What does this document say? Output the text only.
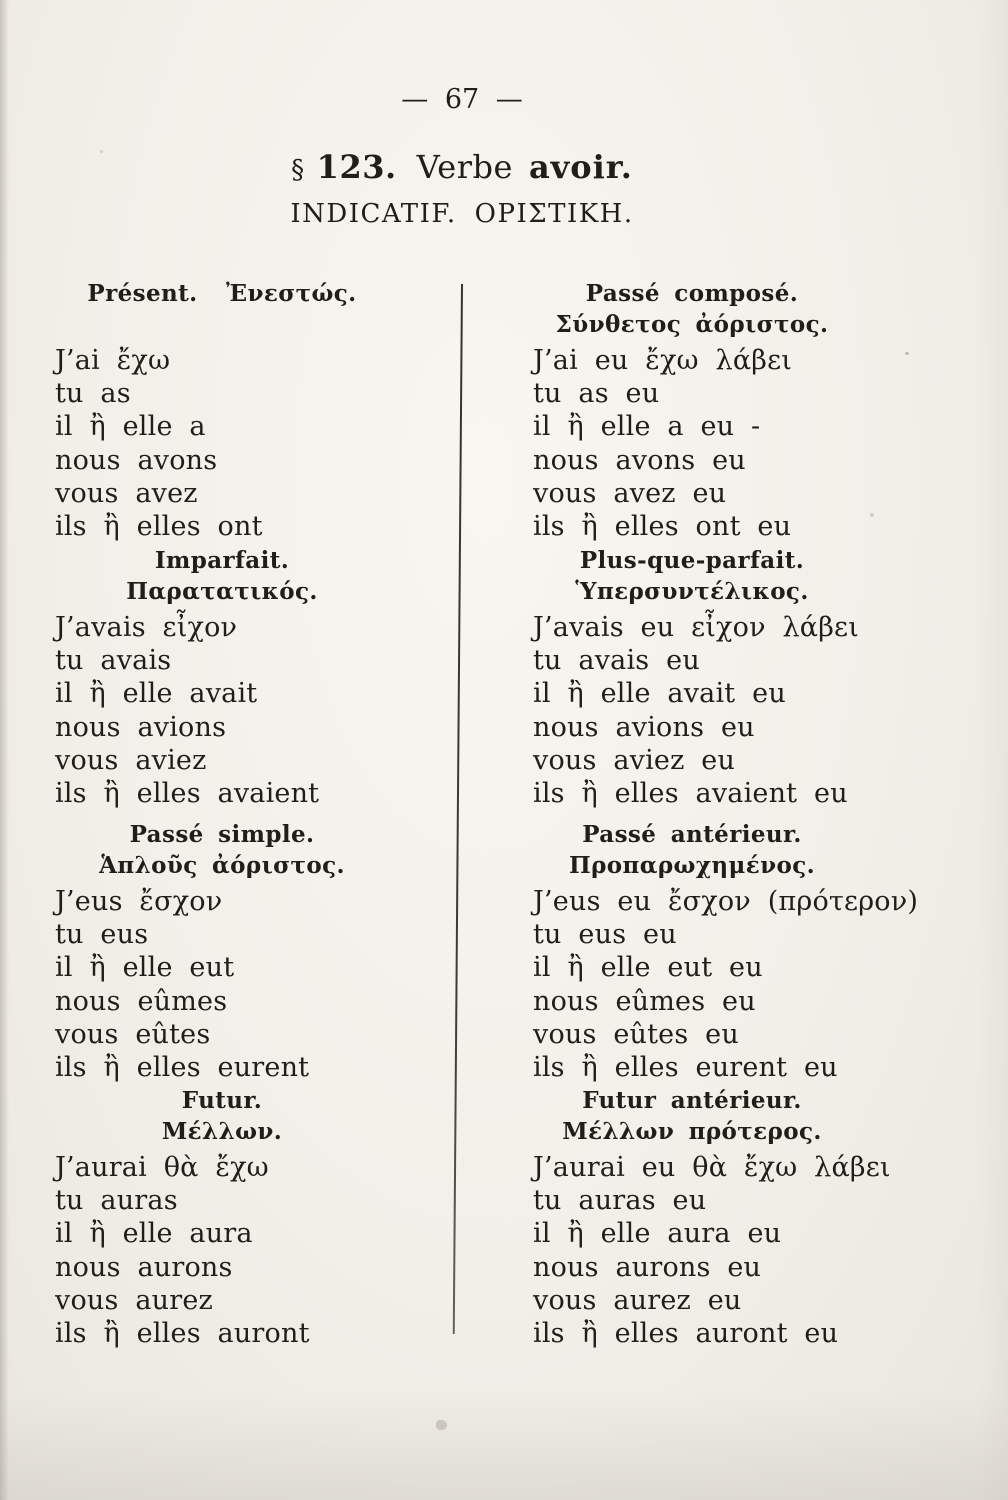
— 67 —
§ 123. Verbe avoir.
INDICATIF. ΟΡΙΣΤΙΚΗ.
Présent. Ἐνεστώς.
J’ai ἔχω
tu as
il ἢ elle a
nous avons
vous avez
ils ἢ elles ont
Imparfait.
Παρατατικός.
J’avais εἶχον
tu avais
il ἢ elle avait
nous avions
vous aviez
ils ἢ elles avaient
Passé simple.
Ἁπλοῦς ἀόριστος.
J’eus ἔσχον
tu eus
il ἢ elle eut
nous eûmes
vous eûtes
ils ἢ elles eurent
Futur.
Μέλλων.
J’aurai θὰ ἔχω
tu auras
il ἢ elle aura
nous aurons
vous aurez
ils ἢ elles auront
Passé composé.
Σύνθετος ἀόριστος.
J’ai eu ἔχω λάβει
tu as eu
il ἢ elle a eu -
nous avons eu
vous avez eu
ils ἢ elles ont eu
Plus-que-parfait.
Ὑπερσυντέλικος.
J’avais eu εἶχον λάβει
tu avais eu
il ἢ elle avait eu
nous avions eu
vous aviez eu
ils ἢ elles avaient eu
Passé antérieur.
Προπαρωχημένος.
J’eus eu ἔσχον (πρότερον)
tu eus eu
il ἢ elle eut eu
nous eûmes eu
vous eûtes eu
ils ἢ elles eurent eu
Futur antérieur.
Μέλλων πρότερος.
J’aurai eu θὰ ἔχω λάβει
tu auras eu
il ἢ elle aura eu
nous aurons eu
vous aurez eu
ils ἢ elles auront eu
